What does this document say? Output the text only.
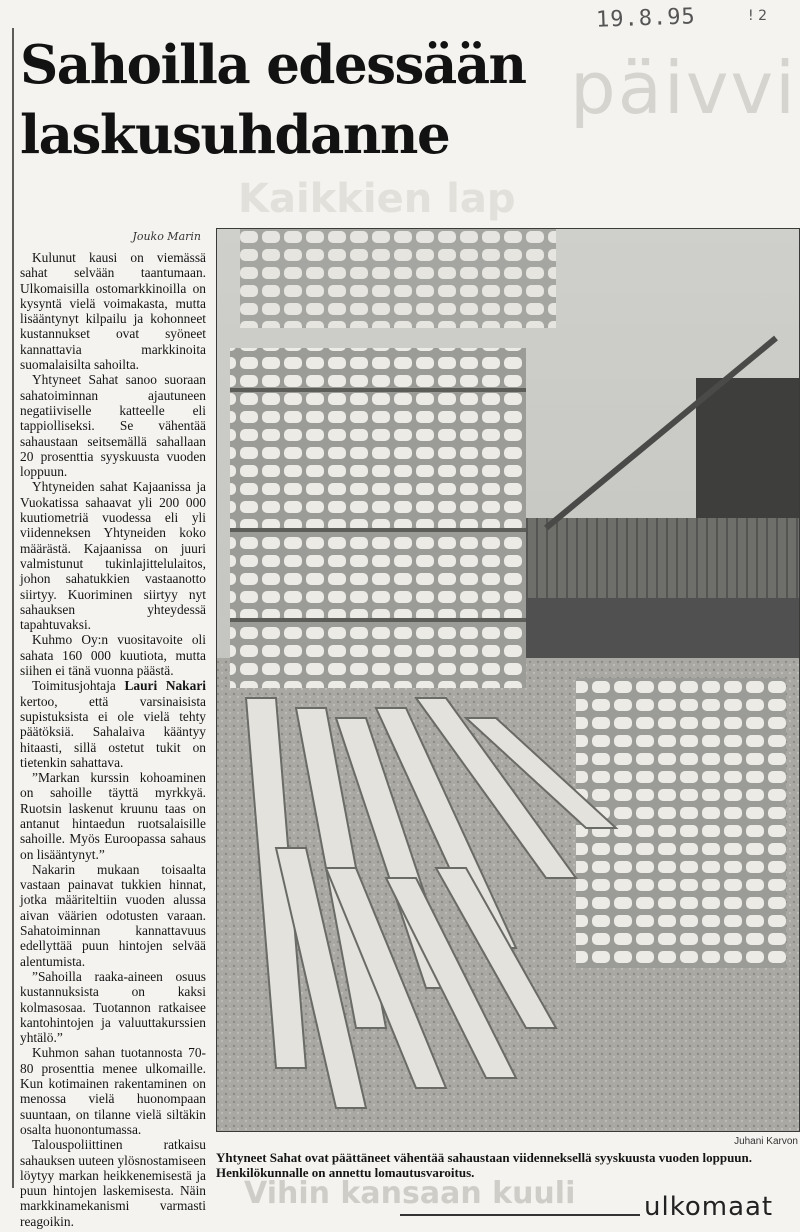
päivvi
Kaikkien lap
Vihin kansaan kuuli
19.8.95	! 2
Sahoilla edessään laskusuhdanne
Jouko Marin

Kulunut kausi on viemässä sahat selvään taantumaan. Ulkomaisilla ostomarkkinoilla on kysyntä vielä voimakasta, mutta lisääntynyt kilpailu ja kohonneet kustannukset ovat syöneet kannattavia markkinoita suomalaisilta sahoilta.

Yhtyneet Sahat sanoo suoraan sahatoiminnan ajautuneen negatiiviselle katteelle eli tappiolliseksi. Se vähentää sahaustaan seitsemällä sahallaan 20 prosenttia syyskuusta vuoden loppuun.

Yhtyneiden sahat Kajaanissa ja Vuokatissa sahaavat yli 200 000 kuutiometriä vuodessa eli yli viidenneksen Yhtyneiden koko määrästä. Kajaanissa on juuri valmistunut tukinlajittelulaitos, johon sahatukkien vastaanotto siirtyy. Kuoriminen siirtyy nyt sahauksen yhteydessä tapahtuvaksi.

Kuhmo Oy:n vuositavoite oli sahata 160 000 kuutiota, mutta siihen ei tänä vuonna päästä.

Toimitusjohtaja Lauri Nakari kertoo, että varsinaisista supistuksista ei ole vielä tehty päätöksiä. Sahalaiva kääntyy hitaasti, sillä ostetut tukit on tietenkin sahattava.

”Markan kurssin kohoaminen on sahoille täyttä myrkkyä. Ruotsin laskenut kruunu taas on antanut hintaedun ruotsalaisille sahoille. Myös Euroopassa sahaus on lisääntynyt.”

Nakarin mukaan toisaalta vastaan painavat tukkien hinnat, jotka määriteltiin vuoden alussa aivan väärien odotusten varaan. Sahatoiminnan kannattavuus edellyttää puun hintojen selvää alentumista.

”Sahoilla raaka-aineen osuus kustannuksista on kaksi kolmasosaa. Tuotannon ratkaisee kantohintojen ja valuuttakurssien yhtälö.”

Kuhmon sahan tuotannosta 70-80 prosenttia menee ulkomaille. Kun kotimainen rakentaminen on menossa vielä huonompaan suuntaan, on tilanne vielä siltäkin osalta huonontumassa.

Talouspoliittinen ratkaisu sahauksen uuteen ylösnostamiseen löytyy markan heikkenemisestä ja puun hintojen laskemisesta. Näin markkinamekanismi varmasti reagoikin.

Juhani Karvon

Yhtyneet Sahat ovat päättäneet vähentää sahaustaan viidenneksellä syyskuusta vuoden loppuun. Henkilökunnalle on annettu lomautusvaroitus.

ulkomaat
